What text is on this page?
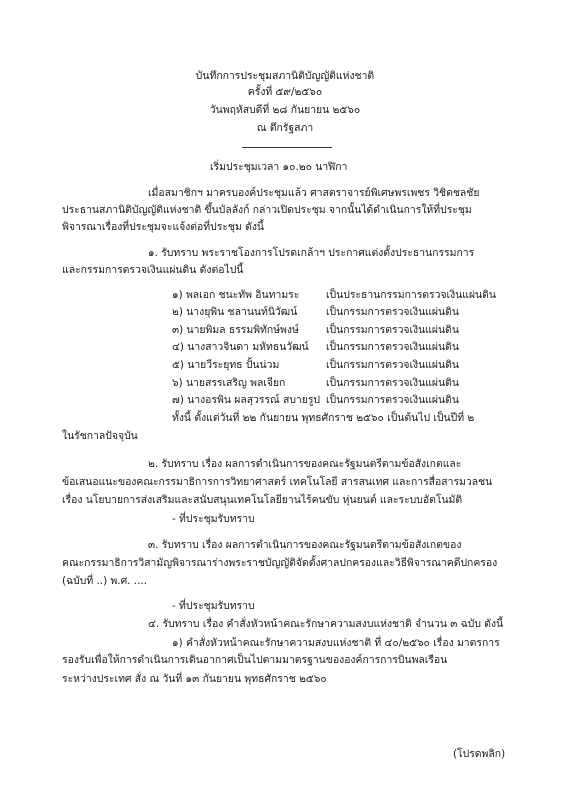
บันทึกการประชุมสภานิติบัญญัติแห่งชาติ
ครั้งที่ ๕๙/๒๕๖๐
วันพฤหัสบดีที่ ๒๘ กันยายน ๒๕๖๐
ณ ตึกรัฐสภา
เริ่มประชุมเวลา ๑๐.๒๐ นาฬิกา
เมื่อสมาชิกฯ มาครบองค์ประชุมแล้ว ศาสตราจารย์พิเศษพรเพชร วิชิตชลชัย
ประธานสภานิติบัญญัติแห่งชาติ ขึ้นบัลลังก์ กล่าวเปิดประชุม จากนั้นได้ดำเนินการให้ที่ประชุม
พิจารณาเรื่องที่ประชุมจะแจ้งต่อที่ประชุม ดังนี้
๑. รับทราบ พระราชโองการโปรดเกล้าฯ ประกาศแต่งตั้งประธานกรรมการ
และกรรมการตรวจเงินแผ่นดิน ดังต่อไปนี้
๑) พลเอก ชนะทัพ อินทามระ	เป็นประธานกรรมการตรวจเงินแผ่นดิน
๒) นางยุพิน ชลานนท์นิวัฒน์	เป็นกรรมการตรวจเงินแผ่นดิน
๓) นายพิมล ธรรมพิทักษ์พงษ์	เป็นกรรมการตรวจเงินแผ่นดิน
๔) นางสาวจินดา มหัทธนวัฒน์ เป็นกรรมการตรวจเงินแผ่นดิน
๕) นายวีระยุทธ ปั้นน่วม	เป็นกรรมการตรวจเงินแผ่นดิน
๖) นายสรรเสริญ พลเจียก	เป็นกรรมการตรวจเงินแผ่นดิน
๗) นางอรพิน ผลสุวรรณ์ สบายรูป เป็นกรรมการตรวจเงินแผ่นดิน
ทั้งนี้ ตั้งแต่วันที่ ๒๒ กันยายน พุทธศักราช ๒๕๖๐ เป็นต้นไป เป็นปีที่ ๒
ในรัชกาลปัจจุบัน
๒. รับทราบ เรื่อง ผลการดำเนินการของคณะรัฐมนตรีตามข้อสังเกตและ
ข้อเสนอแนะของคณะกรรมาธิการการวิทยาศาสตร์ เทคโนโลยี สารสนเทศ และการสื่อสารมวลชน
เรื่อง นโยบายการส่งเสริมและสนับสนุนเทคโนโลยียานไร้คนขับ หุ่นยนต์ และระบบอัตโนมัติ
- ที่ประชุมรับทราบ
๓. รับทราบ เรื่อง ผลการดำเนินการของคณะรัฐมนตรีตามข้อสังเกตของ
คณะกรรมาธิการวิสามัญพิจารณาร่างพระราชบัญญัติจัดตั้งศาลปกครองและวิธีพิจารณาคดีปกครอง
(ฉบับที่ ..) พ.ศ. ....
- ที่ประชุมรับทราบ
๔. รับทราบ เรื่อง คำสั่งหัวหน้าคณะรักษาความสงบแห่งชาติ จำนวน ๓ ฉบับ ดังนี้
๑) คำสั่งหัวหน้าคณะรักษาความสงบแห่งชาติ ที่ ๔๐/๒๕๖๐ เรื่อง มาตรการ
รองรับเพื่อให้การดำเนินการเดินอากาศเป็นไปตามมาตรฐานขององค์การการบินพลเรือน
ระหว่างประเทศ สั่ง ณ วันที่ ๑๓ กันยายน พุทธศักราช ๒๕๖๐
(โปรดพลิก)
